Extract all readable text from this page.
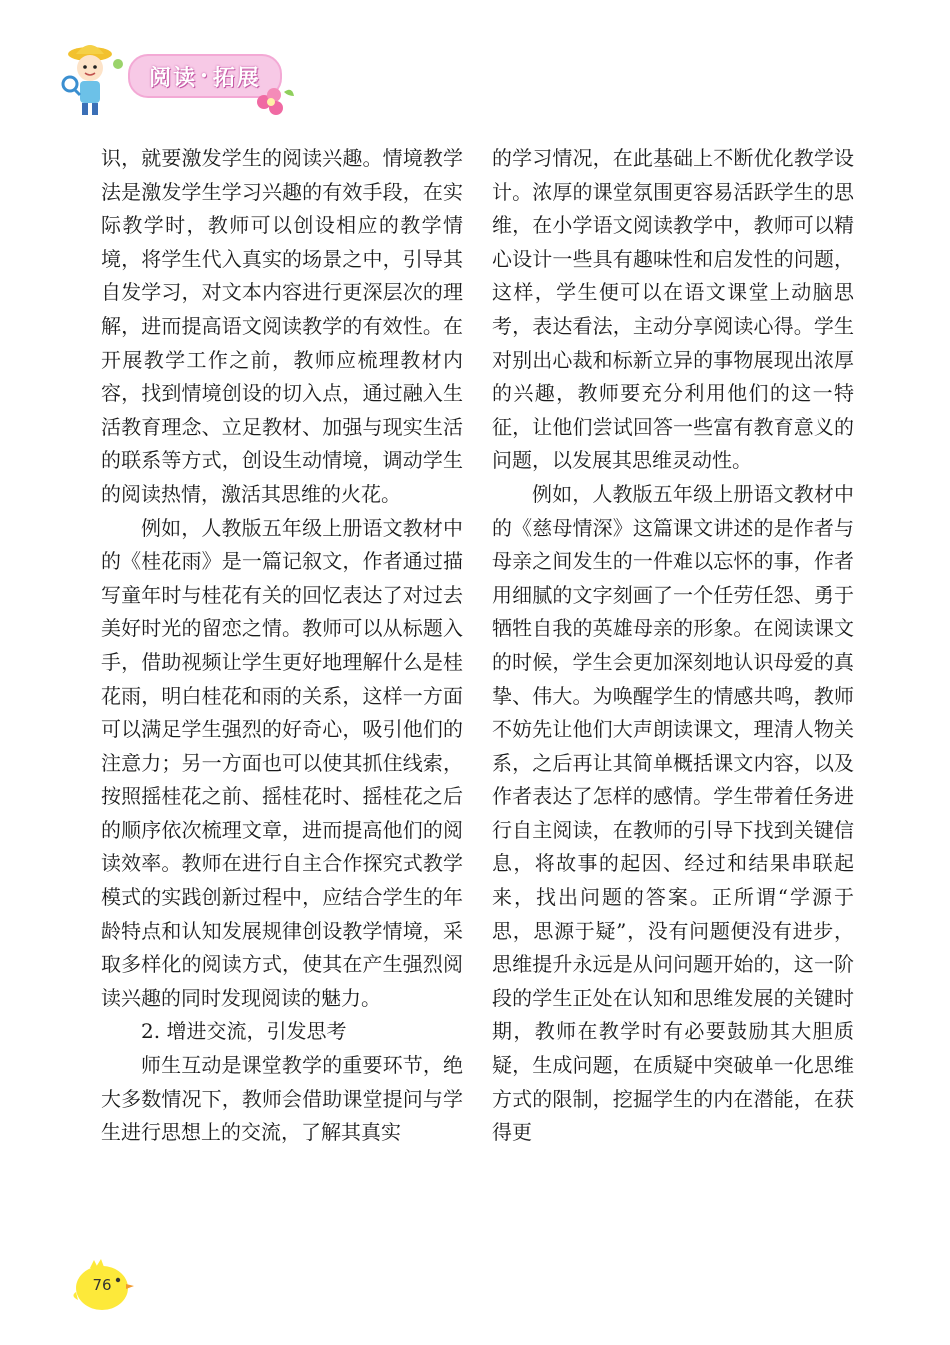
阅读 • 拓展

识，就要激发学生的阅读兴趣。情境教学法是激发学生学习兴趣的有效手段，在实际教学时，教师可以创设相应的教学情境，将学生代入真实的场景之中，引导其自发学习，对文本内容进行更深层次的理解，进而提高语文阅读教学的有效性。在开展教学工作之前，教师应梳理教材内容，找到情境创设的切入点，通过融入生活教育理念、立足教材、加强与现实生活的联系等方式，创设生动情境，调动学生的阅读热情，激活其思维的火花。

例如，人教版五年级上册语文教材中的《桂花雨》是一篇记叙文，作者通过描写童年时与桂花有关的回忆表达了对过去美好时光的留恋之情。教师可以从标题入手，借助视频让学生更好地理解什么是桂花雨，明白桂花和雨的关系，这样一方面可以满足学生强烈的好奇心，吸引他们的注意力；另一方面也可以使其抓住线索，按照摇桂花之前、摇桂花时、摇桂花之后的顺序依次梳理文章，进而提高他们的阅读效率。教师在进行自主合作探究式教学模式的实践创新过程中，应结合学生的年龄特点和认知发展规律创设教学情境，采取多样化的阅读方式，使其在产生强烈阅读兴趣的同时发现阅读的魅力。

2. 增进交流，引发思考

师生互动是课堂教学的重要环节，绝大多数情况下，教师会借助课堂提问与学生进行思想上的交流，了解其真实

的学习情况，在此基础上不断优化教学设计。浓厚的课堂氛围更容易活跃学生的思维，在小学语文阅读教学中，教师可以精心设计一些具有趣味性和启发性的问题，这样，学生便可以在语文课堂上动脑思考，表达看法，主动分享阅读心得。学生对别出心裁和标新立异的事物展现出浓厚的兴趣，教师要充分利用他们的这一特征，让他们尝试回答一些富有教育意义的问题，以发展其思维灵动性。

例如，人教版五年级上册语文教材中的《慈母情深》这篇课文讲述的是作者与母亲之间发生的一件难以忘怀的事，作者用细腻的文字刻画了一个任劳任怨、勇于牺牲自我的英雄母亲的形象。在阅读课文的时候，学生会更加深刻地认识母爱的真挚、伟大。为唤醒学生的情感共鸣，教师不妨先让他们大声朗读课文，理清人物关系，之后再让其简单概括课文内容，以及作者表达了怎样的感情。学生带着任务进行自主阅读，在教师的引导下找到关键信息，将故事的起因、经过和结果串联起来，找出问题的答案。正所谓“学源于思，思源于疑”，没有问题便没有进步，思维提升永远是从问问题开始的，这一阶段的学生正处在认知和思维发展的关键时期，教师在教学时有必要鼓励其大胆质疑，生成问题，在质疑中突破单一化思维方式的限制，挖掘学生的内在潜能，在获得更

76
